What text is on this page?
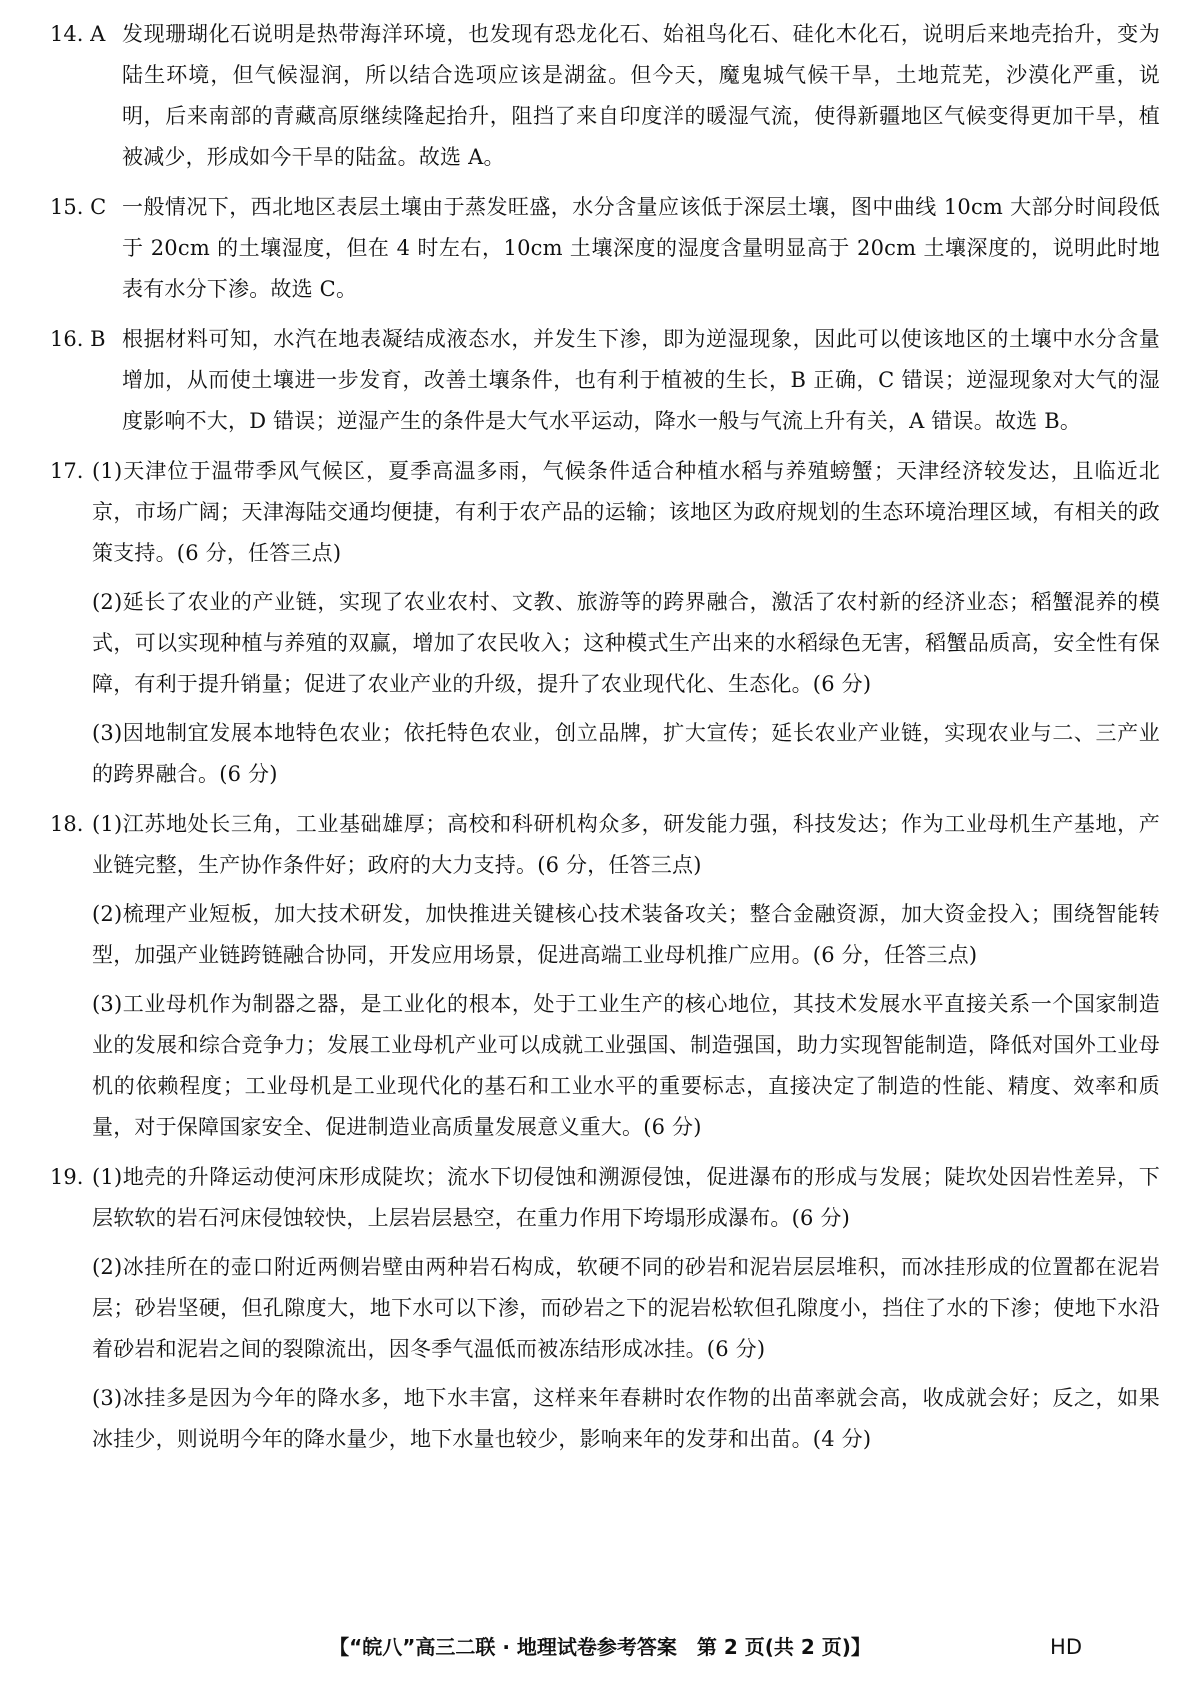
14. A 发现珊瑚化石说明是热带海洋环境，也发现有恐龙化石、始祖鸟化石、硅化木化石，说明后来地壳抬升，变为陆生环境，但气候湿润，所以结合选项应该是湖盆。但今天，魔鬼城气候干旱，土地荒芜，沙漠化严重，说明，后来南部的青藏高原继续隆起抬升，阻挡了来自印度洋的暖湿气流，使得新疆地区气候变得更加干旱，植被减少，形成如今干旱的陆盆。故选 A。

15. C 一般情况下，西北地区表层土壤由于蒸发旺盛，水分含量应该低于深层土壤，图中曲线 10cm 大部分时间段低于 20cm 的土壤湿度，但在 4 时左右，10cm 土壤深度的湿度含量明显高于 20cm 土壤深度的，说明此时地表有水分下渗。故选 C。

16. B 根据材料可知，水汽在地表凝结成液态水，并发生下渗，即为逆湿现象，因此可以使该地区的土壤中水分含量增加，从而使土壤进一步发育，改善土壤条件，也有利于植被的生长，B 正确，C 错误；逆湿现象对大气的湿度影响不大，D 错误；逆湿产生的条件是大气水平运动，降水一般与气流上升有关，A 错误。故选 B。

17. (1)天津位于温带季风气候区，夏季高温多雨，气候条件适合种植水稻与养殖螃蟹；天津经济较发达，且临近北京，市场广阔；天津海陆交通均便捷，有利于农产品的运输；该地区为政府规划的生态环境治理区域，有相关的政策支持。(6 分，任答三点)

(2)延长了农业的产业链，实现了农业农村、文教、旅游等的跨界融合，激活了农村新的经济业态；稻蟹混养的模式，可以实现种植与养殖的双赢，增加了农民收入；这种模式生产出来的水稻绿色无害，稻蟹品质高，安全性有保障，有利于提升销量；促进了农业产业的升级，提升了农业现代化、生态化。(6 分)

(3)因地制宜发展本地特色农业；依托特色农业，创立品牌，扩大宣传；延长农业产业链，实现农业与二、三产业的跨界融合。(6 分)

18. (1)江苏地处长三角，工业基础雄厚；高校和科研机构众多，研发能力强，科技发达；作为工业母机生产基地，产业链完整，生产协作条件好；政府的大力支持。(6 分，任答三点)

(2)梳理产业短板，加大技术研发，加快推进关键核心技术装备攻关；整合金融资源，加大资金投入；围绕智能转型，加强产业链跨链融合协同，开发应用场景，促进高端工业母机推广应用。(6 分，任答三点)

(3)工业母机作为制器之器，是工业化的根本，处于工业生产的核心地位，其技术发展水平直接关系一个国家制造业的发展和综合竞争力；发展工业母机产业可以成就工业强国、制造强国，助力实现智能制造，降低对国外工业母机的依赖程度；工业母机是工业现代化的基石和工业水平的重要标志，直接决定了制造的性能、精度、效率和质量，对于保障国家安全、促进制造业高质量发展意义重大。(6 分)

19. (1)地壳的升降运动使河床形成陡坎；流水下切侵蚀和溯源侵蚀，促进瀑布的形成与发展；陡坎处因岩性差异，下层软软的岩石河床侵蚀较快，上层岩层悬空，在重力作用下垮塌形成瀑布。(6 分)

(2)冰挂所在的壶口附近两侧岩壁由两种岩石构成，软硬不同的砂岩和泥岩层层堆积，而冰挂形成的位置都在泥岩层；砂岩坚硬，但孔隙度大，地下水可以下渗，而砂岩之下的泥岩松软但孔隙度小，挡住了水的下渗；使地下水沿着砂岩和泥岩之间的裂隙流出，因冬季气温低而被冻结形成冰挂。(6 分)

(3)冰挂多是因为今年的降水多，地下水丰富，这样来年春耕时农作物的出苗率就会高，收成就会好；反之，如果冰挂少，则说明今年的降水量少，地下水量也较少，影响来年的发芽和出苗。(4 分)

【“皖八”高三二联 · 地理试卷参考答案　第 2 页(共 2 页)】	HD
